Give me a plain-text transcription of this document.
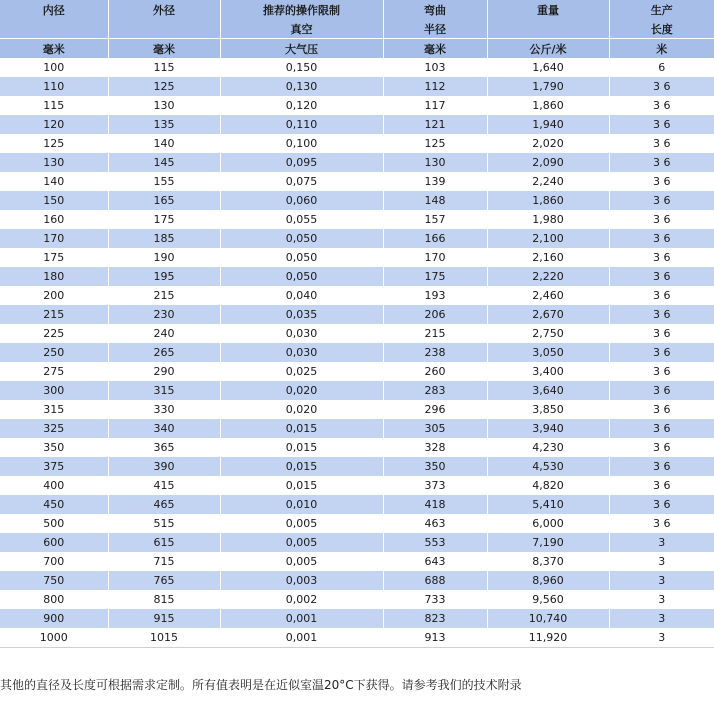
内径	外径	推荐的操作限制	弯曲	重量	生产
		真空	半径		长度
毫米	毫米	大气压	毫米	公斤/米	米
100	115	0,150	103	1,640	6
110	125	0,130	112	1,790	3 6
115	130	0,120	117	1,860	3 6
120	135	0,110	121	1,940	3 6
125	140	0,100	125	2,020	3 6
130	145	0,095	130	2,090	3 6
140	155	0,075	139	2,240	3 6
150	165	0,060	148	1,860	3 6
160	175	0,055	157	1,980	3 6
170	185	0,050	166	2,100	3 6
175	190	0,050	170	2,160	3 6
180	195	0,050	175	2,220	3 6
200	215	0,040	193	2,460	3 6
215	230	0,035	206	2,670	3 6
225	240	0,030	215	2,750	3 6
250	265	0,030	238	3,050	3 6
275	290	0,025	260	3,400	3 6
300	315	0,020	283	3,640	3 6
315	330	0,020	296	3,850	3 6
325	340	0,015	305	3,940	3 6
350	365	0,015	328	4,230	3 6
375	390	0,015	350	4,530	3 6
400	415	0,015	373	4,820	3 6
450	465	0,010	418	5,410	3 6
500	515	0,005	463	6,000	3 6
600	615	0,005	553	7,190	3
700	715	0,005	643	8,370	3
750	765	0,003	688	8,960	3
800	815	0,002	733	9,560	3
900	915	0,001	823	10,740	3
1000	1015	0,001	913	11,920	3
其他的直径及长度可根据需求定制。所有值表明是在近似室温20°C下获得。请参考我们的技术附录
